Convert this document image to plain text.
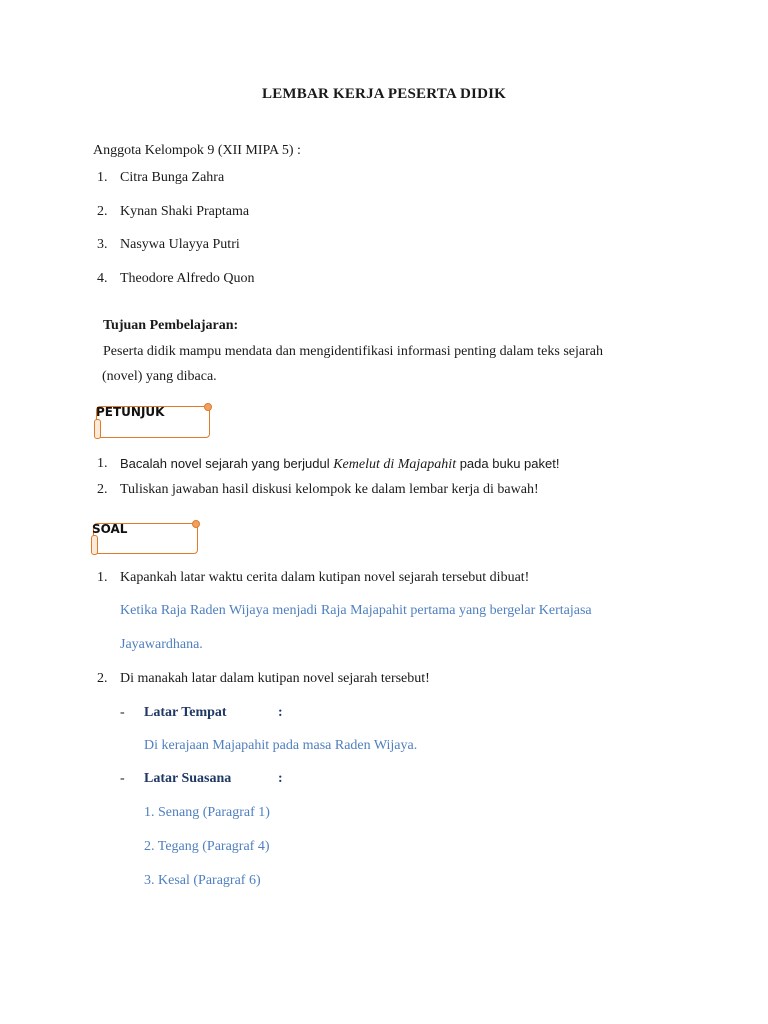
LEMBAR KERJA PESERTA DIDIK
Anggota Kelompok 9 (XII MIPA 5) :
1. Citra Bunga Zahra
2. Kynan Shaki Praptama
3. Nasywa Ulayya Putri
4. Theodore Alfredo Quon
Tujuan Pembelajaran:
Peserta didik mampu mendata dan mengidentifikasi informasi penting dalam teks sejarah
(novel) yang dibaca.
PETUNJUK
1. Bacalah novel sejarah yang berjudul Kemelut di Majapahit pada buku paket!
2. Tuliskan jawaban hasil diskusi kelompok ke dalam lembar kerja di bawah!
SOAL
1. Kapankah latar waktu cerita dalam kutipan novel sejarah tersebut dibuat!
Ketika Raja Raden Wijaya menjadi Raja Majapahit pertama yang bergelar Kertajasa
Jayawardhana.
2. Di manakah latar dalam kutipan novel sejarah tersebut!
- Latar Tempat	:
Di kerajaan Majapahit pada masa Raden Wijaya.
- Latar Suasana	:
1. Senang (Paragraf 1)
2. Tegang (Paragraf 4)
3. Kesal (Paragraf 6)
